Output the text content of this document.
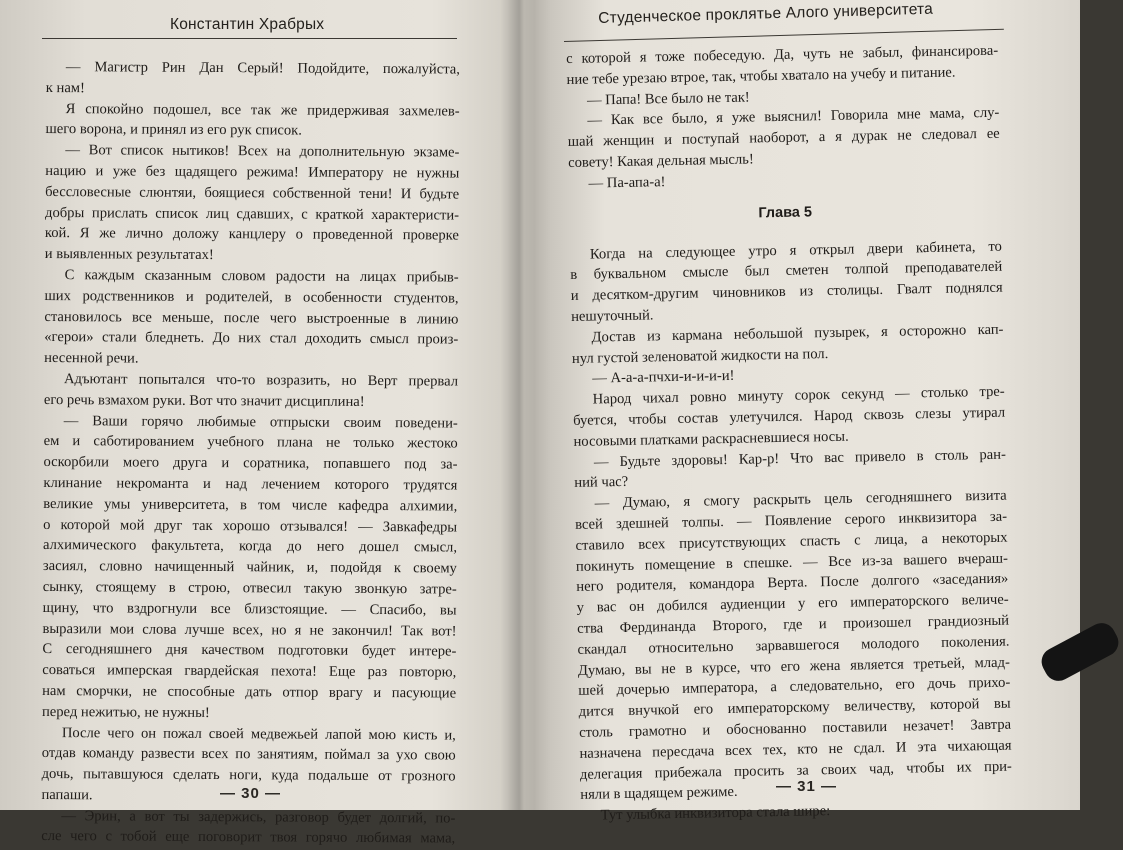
Константин Храбрых
— Магистр Рин Дан Серый! Подойдите, пожалуйста,
к нам!
Я спокойно подошел, все так же придерживая захмелев-
шего ворона, и принял из его рук список.
— Вот список нытиков! Всех на дополнительную экзаме-
нацию и уже без щадящего режима! Императору не нужны
бессловесные слюнтяи, боящиеся собственной тени! И будьте
добры прислать список лиц сдавших, с краткой характеристи-
кой. Я же лично доложу канцлеру о проведенной проверке
и выявленных результатах!
С каждым сказанным словом радости на лицах прибыв-
ших родственников и родителей, в особенности студентов,
становилось все меньше, после чего выстроенные в линию
«герои» стали бледнеть. До них стал доходить смысл произ-
несенной речи.
Адъютант попытался что-то возразить, но Верт прервал
его речь взмахом руки. Вот что значит дисциплина!
— Ваши горячо любимые отпрыски своим поведени-
ем и саботированием учебного плана не только жестоко
оскорбили моего друга и соратника, попавшего под за-
клинание некроманта и над лечением которого трудятся
великие умы университета, в том числе кафедра алхимии,
о которой мой друг так хорошо отзывался! — Завкафедры
алхимического факультета, когда до него дошел смысл,
засиял, словно начищенный чайник, и, подойдя к своему
сынку, стоящему в строю, отвесил такую звонкую затре-
щину, что вздрогнули все близстоящие. — Спасибо, вы
выразили мои слова лучше всех, но я не закончил! Так вот!
С сегодняшнего дня качеством подготовки будет интере-
соваться имперская гвардейская пехота! Еще раз повторю,
нам сморчки, не способные дать отпор врагу и пасующие
перед нежитью, не нужны!
После чего он пожал своей медвежьей лапой мою кисть и,
отдав команду развести всех по занятиям, поймал за ухо свою
дочь, пытавшуюся сделать ноги, куда подальше от грозного
папаши.
— Эрин, а вот ты задержись, разговор будет долгий, по-
сле чего с тобой еще поговорит твоя горячо любимая мама,
— 30 —
Студенческое проклятье Алого университета
с которой я тоже побеседую. Да, чуть не забыл, финансирова-
ние тебе урезаю втрое, так, чтобы хватало на учебу и питание.
— Папа! Все было не так!
— Как все было, я уже выяснил! Говорила мне мама, слу-
шай женщин и поступай наоборот, а я дурак не следовал ее
совету! Какая дельная мысль!
— Па-апа-а!
Глава 5
Когда на следующее утро я открыл двери кабинета, то
в буквальном смысле был сметен толпой преподавателей
и десятком-другим чиновников из столицы. Гвалт поднялся
нешуточный.
Достав из кармана небольшой пузырек, я осторожно кап-
нул густой зеленоватой жидкости на пол.
— А-а-а-пчхи-и-и-и-и!
Народ чихал ровно минуту сорок секунд — столько тре-
буется, чтобы состав улетучился. Народ сквозь слезы утирал
носовыми платками раскрасневшиеся носы.
— Будьте здоровы! Кар-р! Что вас привело в столь ран-
ний час?
— Думаю, я смогу раскрыть цель сегодняшнего визита
всей здешней толпы. — Появление серого инквизитора за-
ставило всех присутствующих спасть с лица, а некоторых
покинуть помещение в спешке. — Все из-за вашего вчераш-
него родителя, командора Верта. После долгого «заседания»
у вас он добился аудиенции у его императорского величе-
ства Фердинанда Второго, где и произошел грандиозный
скандал относительно зарвавшегося молодого поколения.
Думаю, вы не в курсе, что его жена является третьей, млад-
шей дочерью императора, а следовательно, его дочь прихо-
дится внучкой его императорскому величеству, которой вы
столь грамотно и обоснованно поставили незачет! Завтра
назначена пересдача всех тех, кто не сдал. И эта чихающая
делегация прибежала просить за своих чад, чтобы их при-
няли в щадящем режиме.
Тут улыбка инквизитора стала шире:
— 31 —
